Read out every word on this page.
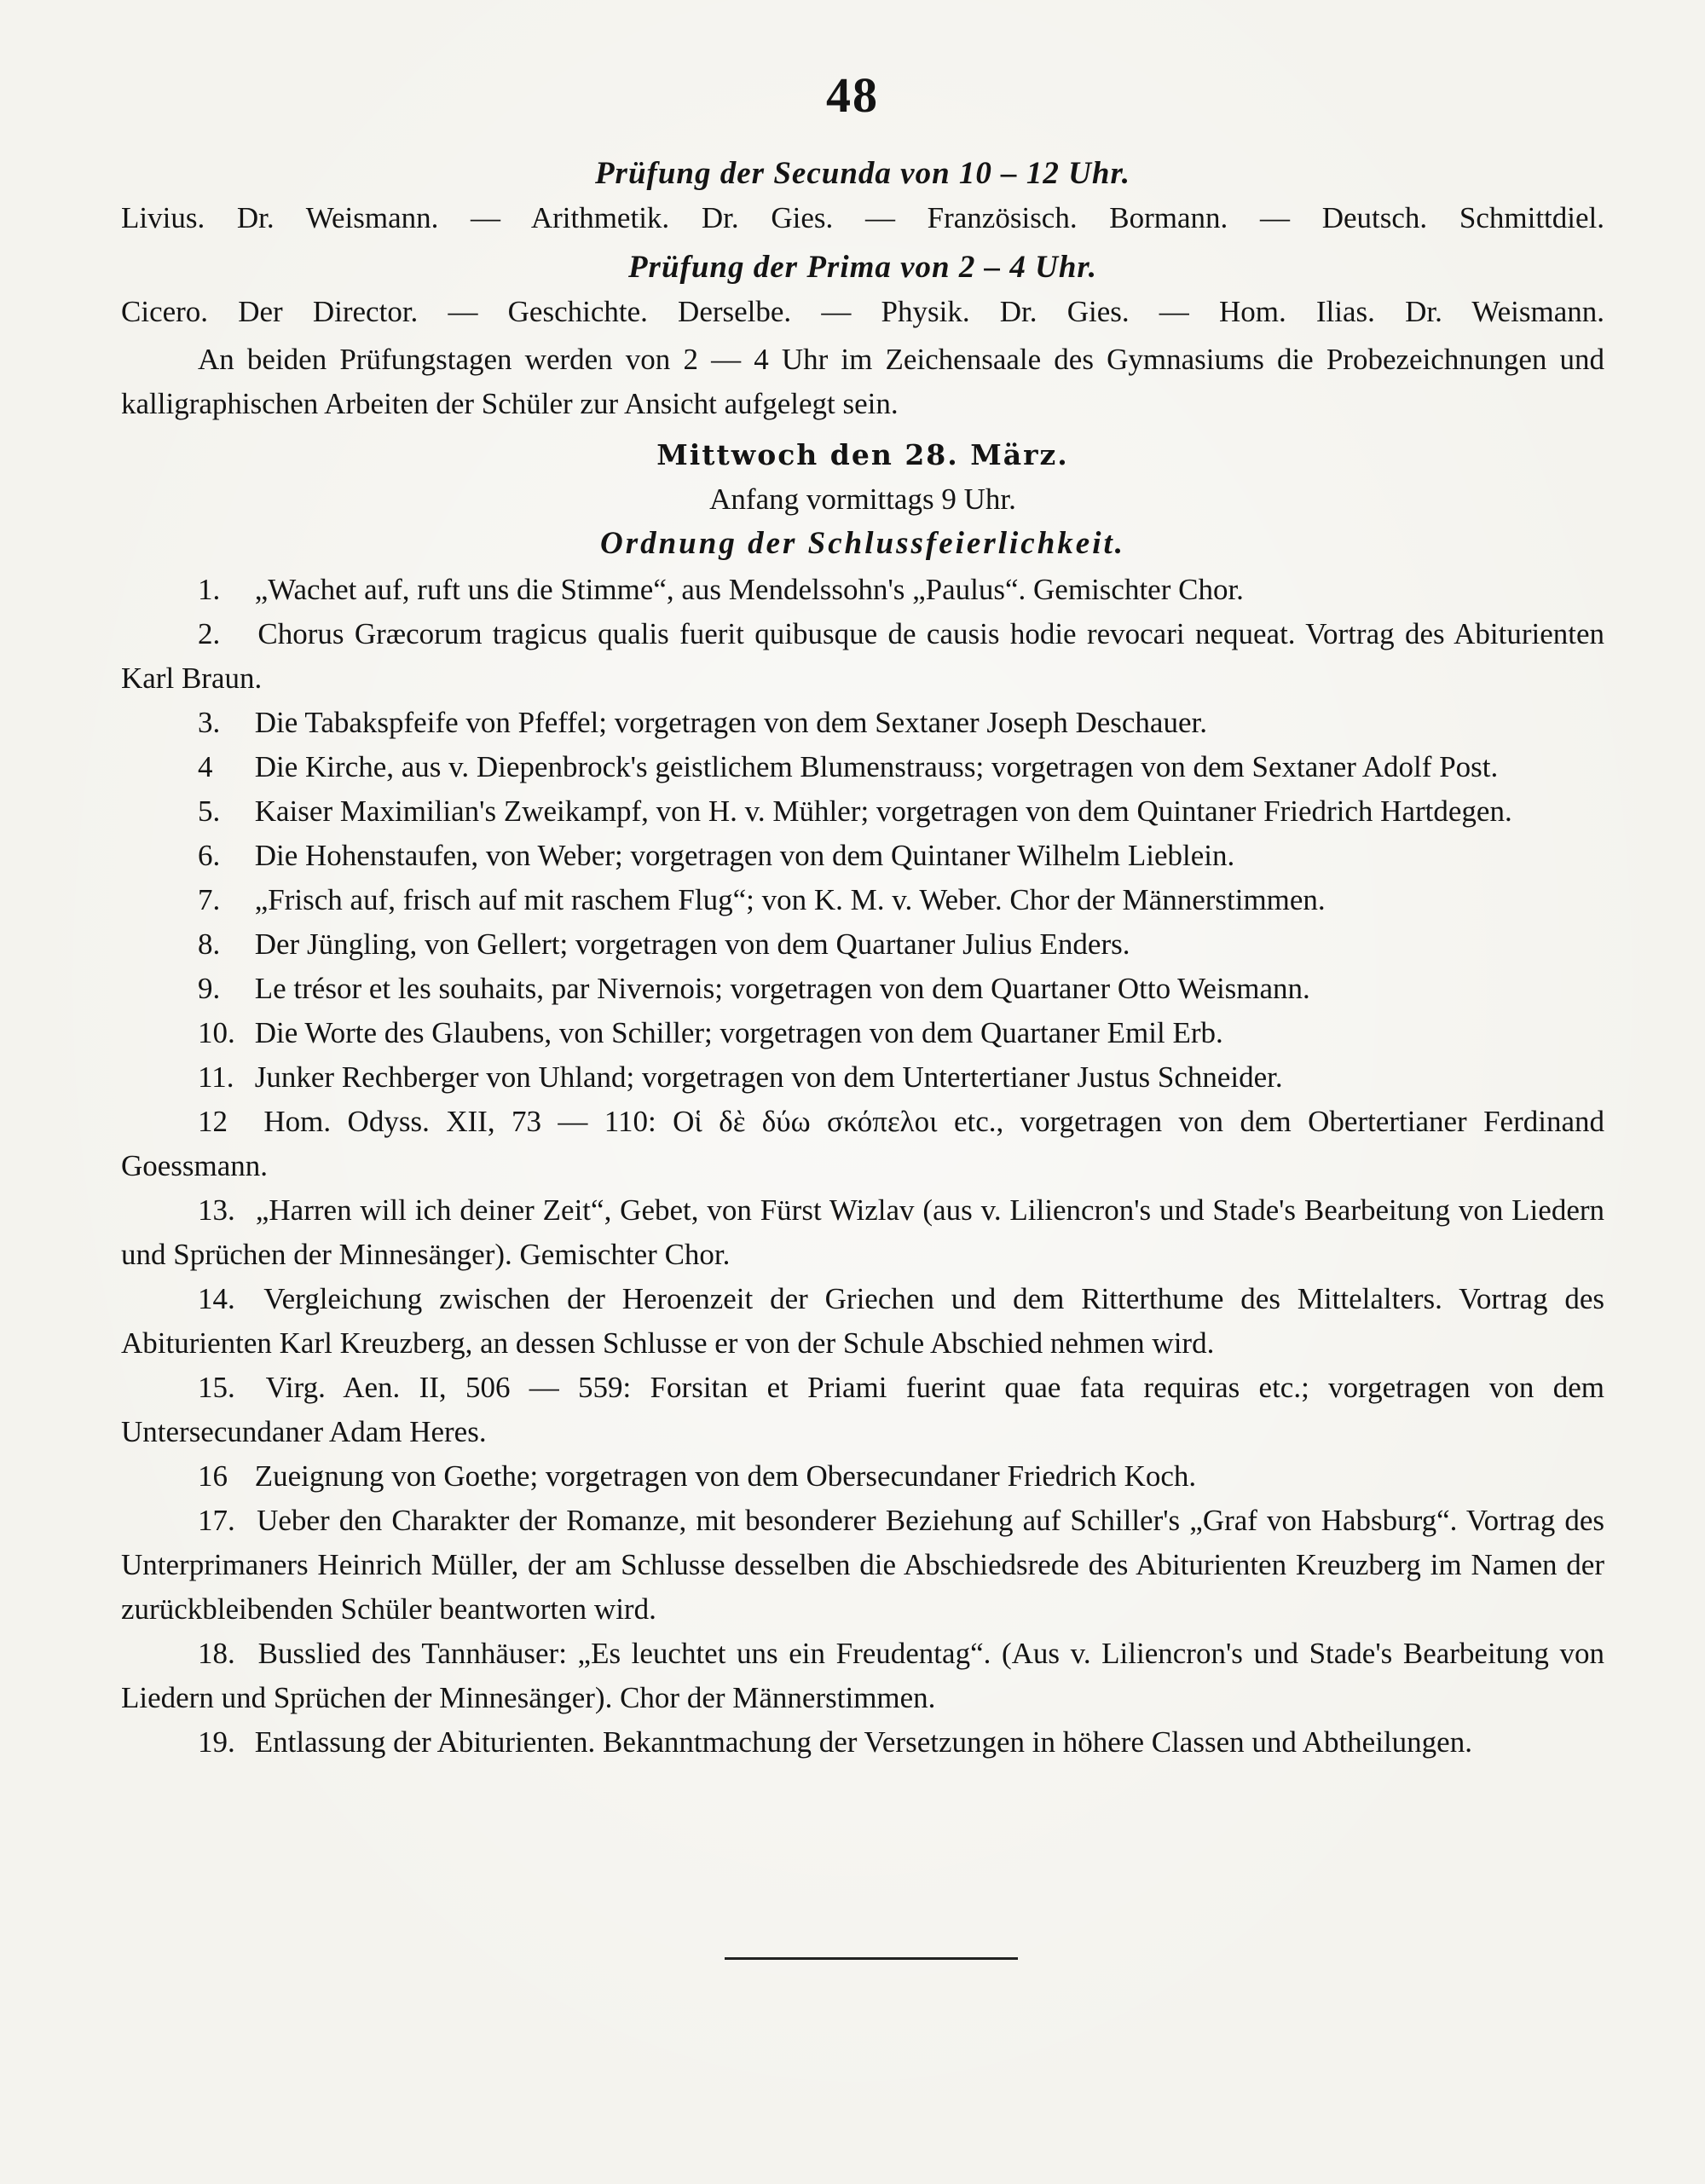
48
Prüfung der Secunda von 10 – 12 Uhr.
Livius. Dr. Weismann. — Arithmetik. Dr. Gies. — Französisch. Bormann. — Deutsch. Schmittdiel.
Prüfung der Prima von 2 – 4 Uhr.
Cicero. Der Director. — Geschichte. Derselbe. — Physik. Dr. Gies. — Hom. Ilias. Dr. Weismann.
An beiden Prüfungstagen werden von 2 — 4 Uhr im Zeichensaale des Gymnasiums die Probezeichnungen und kalligraphischen Arbeiten der Schüler zur Ansicht aufgelegt sein.
Mittwoch den 28. März.
Anfang vormittags 9 Uhr.
Ordnung der Schlussfeierlichkeit.
1. „Wachet auf, ruft uns die Stimme“, aus Mendelssohn's „Paulus“. Gemischter Chor.
2. Chorus Græcorum tragicus qualis fuerit quibusque de causis hodie revocari nequeat. Vortrag des Abiturienten Karl Braun.
3. Die Tabakspfeife von Pfeffel; vorgetragen von dem Sextaner Joseph Deschauer.
4 Die Kirche, aus v. Diepenbrock's geistlichem Blumenstrauss; vorgetragen von dem Sextaner Adolf Post.
5. Kaiser Maximilian's Zweikampf, von H. v. Mühler; vorgetragen von dem Quintaner Friedrich Hartdegen.
6. Die Hohenstaufen, von Weber; vorgetragen von dem Quintaner Wilhelm Lieblein.
7. „Frisch auf, frisch auf mit raschem Flug“; von K. M. v. Weber. Chor der Männerstimmen.
8. Der Jüngling, von Gellert; vorgetragen von dem Quartaner Julius Enders.
9. Le trésor et les souhaits, par Nivernois; vorgetragen von dem Quartaner Otto Weismann.
10. Die Worte des Glaubens, von Schiller; vorgetragen von dem Quartaner Emil Erb.
11. Junker Rechberger von Uhland; vorgetragen von dem Untertertianer Justus Schneider.
12 Hom. Odyss. XII, 73 — 110: Οἱ δὲ δύω σκόπελοι etc., vorgetragen von dem Obertertianer Ferdinand Goessmann.
13. „Harren will ich deiner Zeit“, Gebet, von Fürst Wizlav (aus v. Liliencron's und Stade's Bearbeitung von Liedern und Sprüchen der Minnesänger). Gemischter Chor.
14. Vergleichung zwischen der Heroenzeit der Griechen und dem Ritterthume des Mittelalters. Vortrag des Abiturienten Karl Kreuzberg, an dessen Schlusse er von der Schule Abschied nehmen wird.
15. Virg. Aen. II, 506 — 559: Forsitan et Priami fuerint quae fata requiras etc.; vorgetragen von dem Untersecundaner Adam Heres.
16 Zueignung von Goethe; vorgetragen von dem Obersecundaner Friedrich Koch.
17. Ueber den Charakter der Romanze, mit besonderer Beziehung auf Schiller's „Graf von Habsburg“. Vortrag des Unterprimaners Heinrich Müller, der am Schlusse desselben die Abschiedsrede des Abiturienten Kreuzberg im Namen der zurückbleibenden Schüler beantworten wird.
18. Busslied des Tannhäuser: „Es leuchtet uns ein Freudentag“. (Aus v. Liliencron's und Stade's Bearbeitung von Liedern und Sprüchen der Minnesänger). Chor der Männerstimmen.
19. Entlassung der Abiturienten. Bekanntmachung der Versetzungen in höhere Classen und Abtheilungen.
